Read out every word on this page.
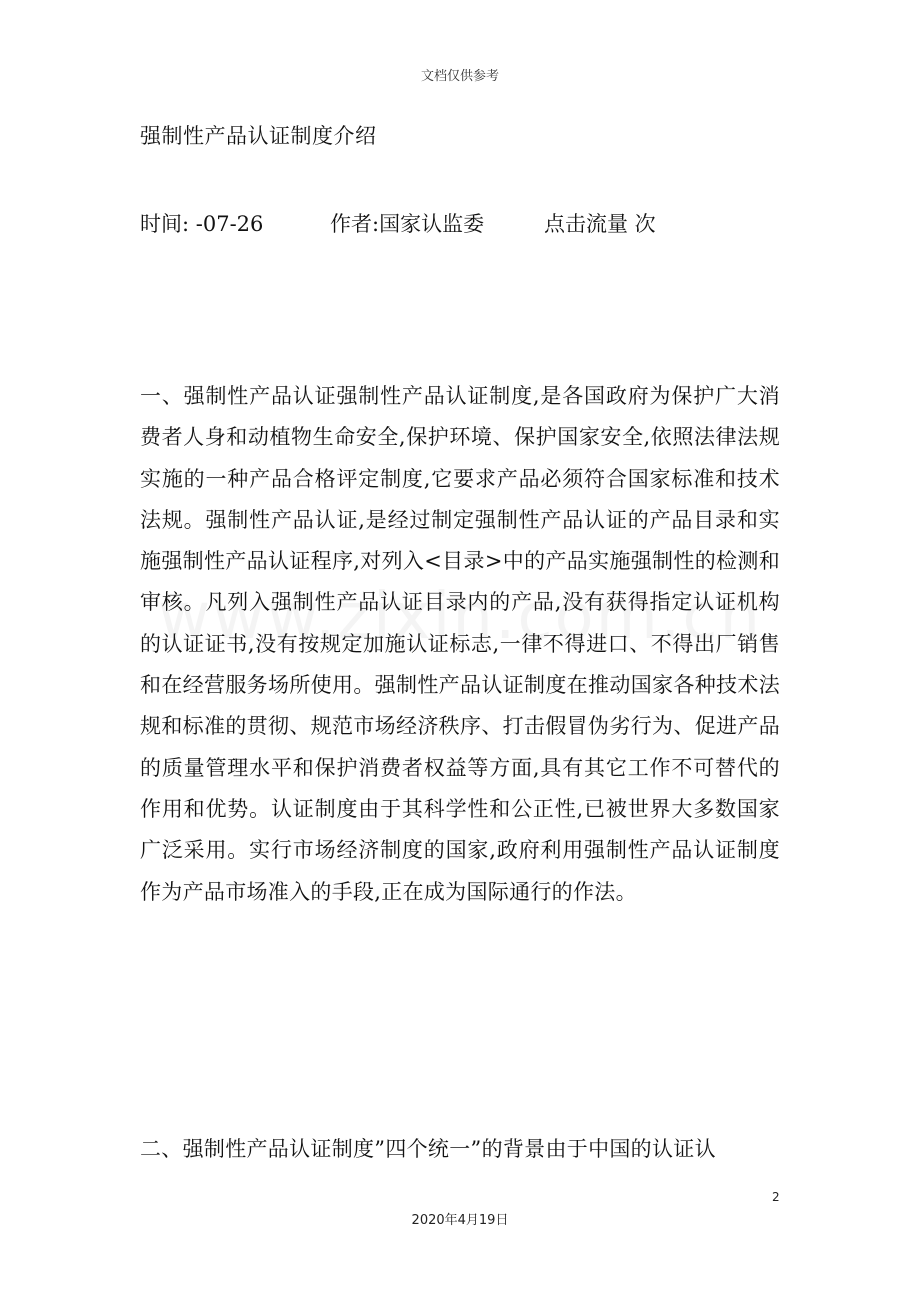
文档仅供参考
强制性产品认证制度介绍
时间: -07-26	作者:国家认监委	点击流量 次
一、强制性产品认证强制性产品认证制度,是各国政府为保护广大消费者人身和动植物生命安全,保护环境、保护国家安全,依照法律法规实施的一种产品合格评定制度,它要求产品必须符合国家标准和技术法规。强制性产品认证,是经过制定强制性产品认证的产品目录和实施强制性产品认证程序,对列入<目录>中的产品实施强制性的检测和审核。凡列入强制性产品认证目录内的产品,没有获得指定认证机构的认证证书,没有按规定加施认证标志,一律不得进口、不得出厂销售和在经营服务场所使用。强制性产品认证制度在推动国家各种技术法规和标准的贯彻、规范市场经济秩序、打击假冒伪劣行为、促进产品的质量管理水平和保护消费者权益等方面,具有其它工作不可替代的作用和优势。认证制度由于其科学性和公正性,已被世界大多数国家广泛采用。实行市场经济制度的国家,政府利用强制性产品认证制度作为产品市场准入的手段,正在成为国际通行的作法。
二、强制性产品认证制度”四个统一”的背景由于中国的认证认
2
2020年4月19日
